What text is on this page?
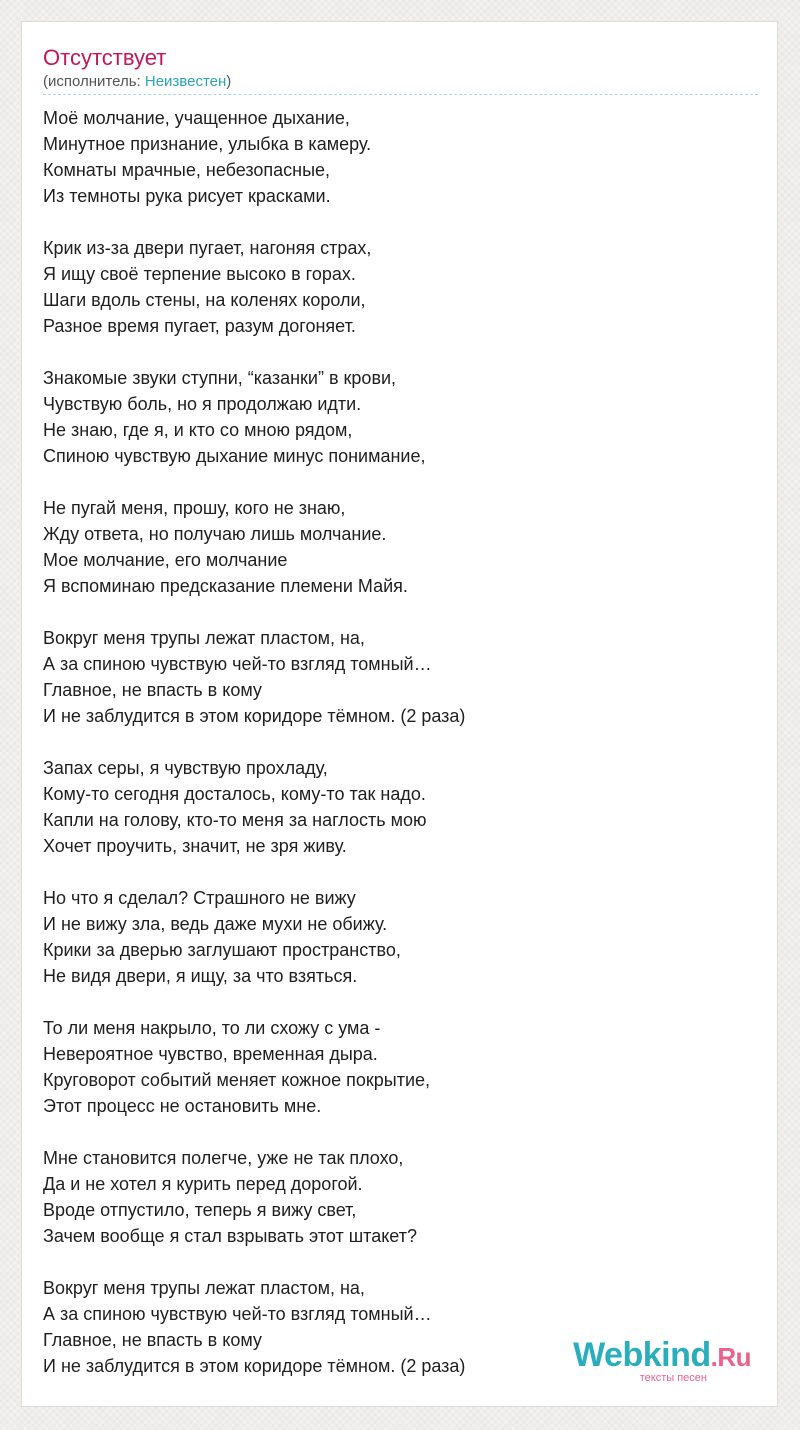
Отсутствует
(исполнитель: Неизвестен)
Моё молчание, учащенное дыхание,
Минутное признание, улыбка в камеру.
Комнаты мрачные, небезопасные,
Из темноты рука рисует красками.
Крик из-за двери пугает, нагоняя страх,
Я ищу своё терпение высоко в горах.
Шаги вдоль стены, на коленях короли,
Разное время пугает, разум догоняет.
Знакомые звуки ступни, “казанки” в крови,
Чувствую боль, но я продолжаю идти.
Не знаю, где я, и кто со мною рядом,
Спиною чувствую дыхание минус понимание,
Не пугай меня, прошу, кого не знаю,
Жду ответа, но получаю лишь молчание.
Мое молчание, его молчание
Я вспоминаю предсказание племени Майя.
Вокруг меня трупы лежат пластом, на,
А за спиною чувствую чей-то взгляд томный…
Главное, не впасть в кому
И не заблудится в этом коридоре тёмном. (2 раза)
Запах серы, я чувствую прохладу,
Кому-то сегодня досталось, кому-то так надо.
Капли на голову, кто-то меня за наглость мою
Хочет проучить, значит, не зря живу.
Но что я сделал? Страшного не вижу
И не вижу зла, ведь даже мухи не обижу.
Крики за дверью заглушают пространство,
Не видя двери, я ищу, за что взяться.
То ли меня накрыло, то ли схожу с ума -
Невероятное чувство, временная дыра.
Круговорот событий меняет кожное покрытие,
Этот процесс не остановить мне.
Мне становится полегче, уже не так плохо,
Да и не хотел я курить перед дорогой.
Вроде отпустило, теперь я вижу свет,
Зачем вообще я стал взрывать этот штакет?
Вокруг меня трупы лежат пластом, на,
А за спиною чувствую чей-то взгляд томный…
Главное, не впасть в кому
И не заблудится в этом коридоре тёмном. (2 раза)	Webkind.Ru
тексты песен
